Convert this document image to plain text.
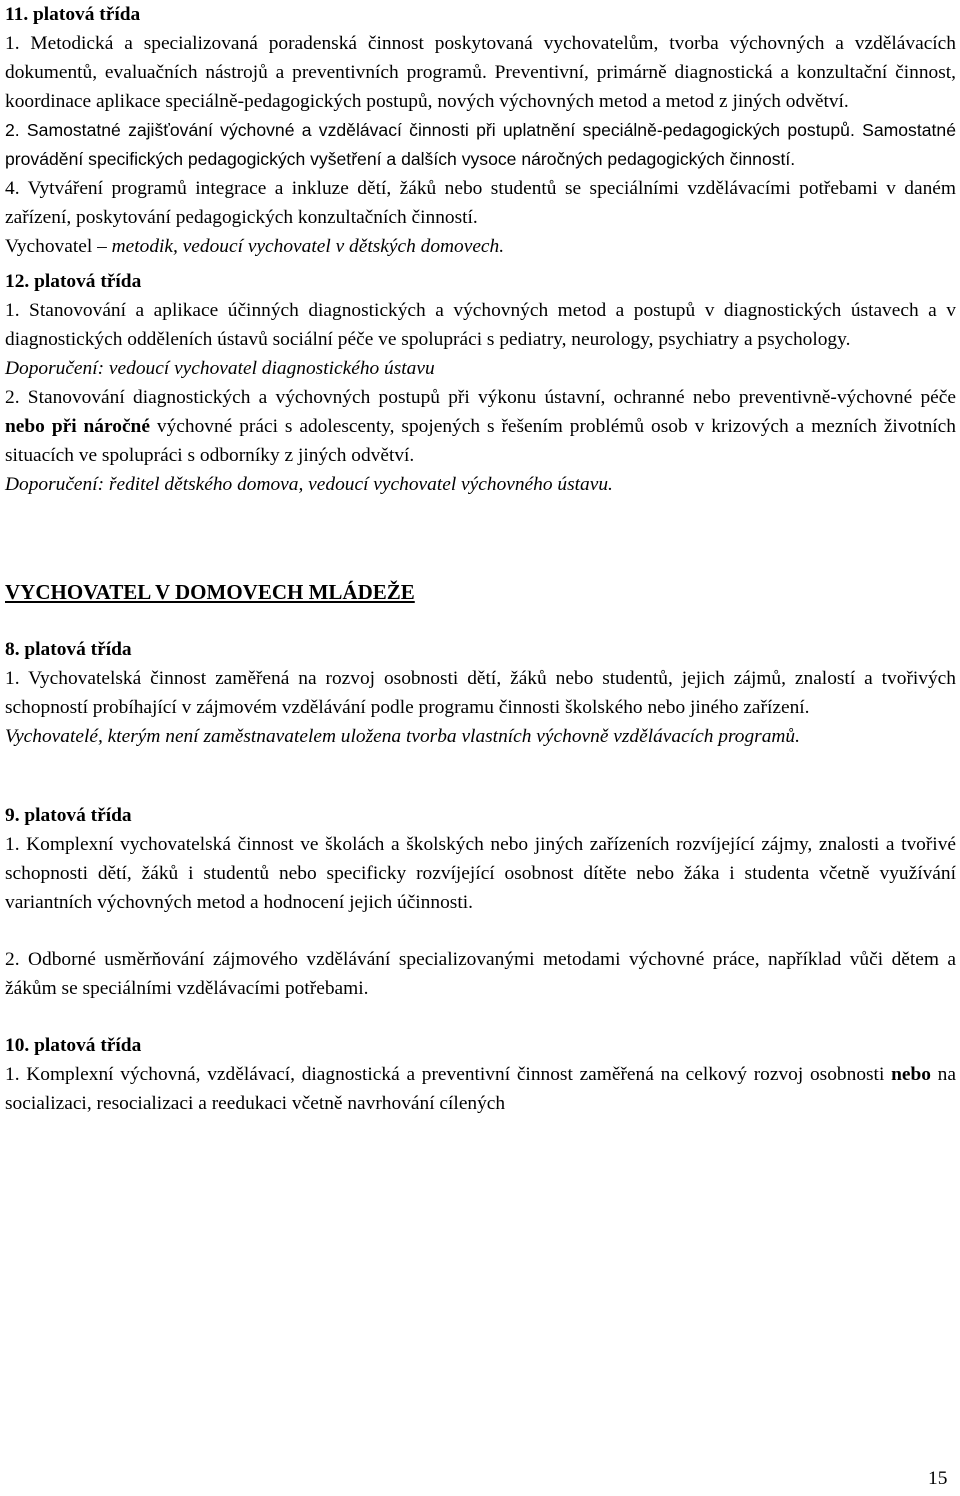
11. platová třída

1. Metodická a specializovaná poradenská činnost poskytovaná vychovatelům, tvorba výchovných a vzdělávacích dokumentů, evaluačních nástrojů a preventivních programů. Preventivní, primárně diagnostická a konzultační činnost, koordinace aplikace speciálně-pedagogických postupů, nových výchovných metod a metod z jiných odvětví.

2. Samostatné zajišťování výchovné a vzdělávací činnosti při uplatnění speciálně-pedagogických postupů. Samostatné provádění specifických pedagogických vyšetření a dalších vysoce náročných pedagogických činností.

4. Vytváření programů integrace a inkluze dětí, žáků nebo studentů se speciálními vzdělávacími potřebami v daném zařízení, poskytování pedagogických konzultačních činností.

Vychovatel – metodik, vedoucí vychovatel v dětských domovech.

12. platová třída

1. Stanovování a aplikace účinných diagnostických a výchovných metod a postupů v diagnostických ústavech a v diagnostických odděleních ústavů sociální péče ve spolupráci s pediatry, neurology, psychiatry a psychology.

Doporučení: vedoucí vychovatel diagnostického ústavu

2. Stanovování diagnostických a výchovných postupů při výkonu ústavní, ochranné nebo preventivně-výchovné péče nebo při náročné výchovné práci s adolescenty, spojených s řešením problémů osob v krizových a mezních životních situacích ve spolupráci s odborníky z jiných odvětví.

Doporučení: ředitel dětského domova, vedoucí vychovatel výchovného ústavu.

VYCHOVATEL V DOMOVECH MLÁDEŽE

8. platová třída

1. Vychovatelská činnost zaměřená na rozvoj osobnosti dětí, žáků nebo studentů, jejich zájmů, znalostí a tvořivých schopností probíhající v zájmovém vzdělávání podle programu činnosti školského nebo jiného zařízení.

Vychovatelé, kterým není zaměstnavatelem uložena tvorba vlastních výchovně vzdělávacích programů.

9. platová třída

1. Komplexní vychovatelská činnost ve školách a školských nebo jiných zařízeních rozvíjející zájmy, znalosti a tvořivé schopnosti dětí, žáků i studentů nebo specificky rozvíjející osobnost dítěte nebo žáka i studenta včetně využívání variantních výchovných metod a hodnocení jejich účinnosti.

2. Odborné usměrňování zájmového vzdělávání specializovanými metodami výchovné práce, například vůči dětem a žákům se speciálními vzdělávacími potřebami.

10. platová třída

1. Komplexní výchovná, vzdělávací, diagnostická a preventivní činnost zaměřená na celkový rozvoj osobnosti nebo na socializaci, resocializaci a reedukaci včetně navrhování cílených

15
